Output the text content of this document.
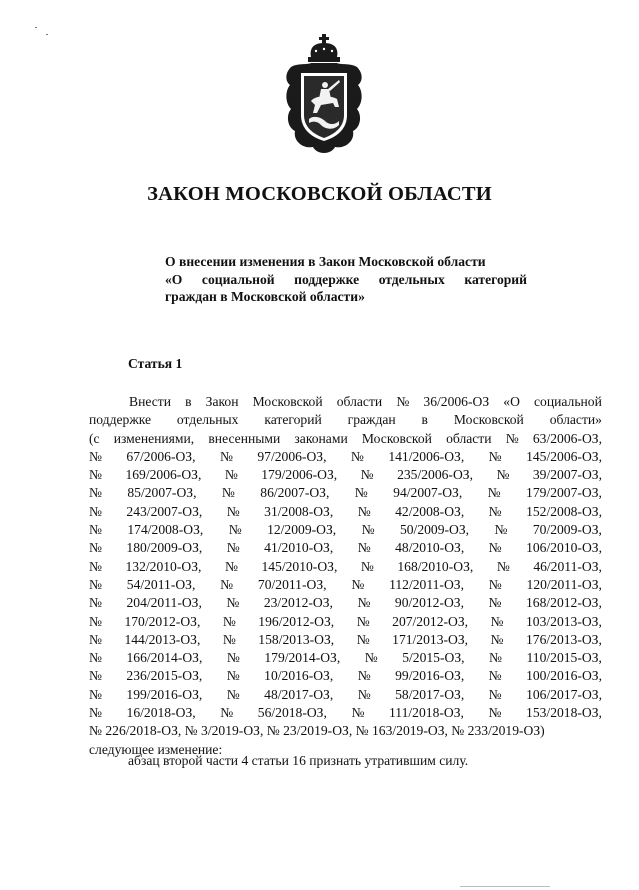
ЗАКОН МОСКОВСКОЙ ОБЛАСТИ
О внесении изменения в Закон Московской области
«О социальной поддержке отдельных категорий
граждан в Московской области»
Статья 1
Внести в Закон Московской области № 36/2006-ОЗ «О социальной
поддержке отдельных категорий граждан в Московской области»
(с изменениями, внесенными законами Московской области № 63/2006-ОЗ,
№ 67/2006-ОЗ, № 97/2006-ОЗ, № 141/2006-ОЗ, № 145/2006-ОЗ,
№ 169/2006-ОЗ, № 179/2006-ОЗ, № 235/2006-ОЗ, № 39/2007-ОЗ,
№ 85/2007-ОЗ, № 86/2007-ОЗ, № 94/2007-ОЗ, № 179/2007-ОЗ,
№ 243/2007-ОЗ, № 31/2008-ОЗ, № 42/2008-ОЗ, № 152/2008-ОЗ,
№ 174/2008-ОЗ, № 12/2009-ОЗ, № 50/2009-ОЗ, № 70/2009-ОЗ,
№ 180/2009-ОЗ, № 41/2010-ОЗ, № 48/2010-ОЗ, № 106/2010-ОЗ,
№ 132/2010-ОЗ, № 145/2010-ОЗ, № 168/2010-ОЗ, № 46/2011-ОЗ,
№ 54/2011-ОЗ, № 70/2011-ОЗ, № 112/2011-ОЗ, № 120/2011-ОЗ,
№ 204/2011-ОЗ, № 23/2012-ОЗ, № 90/2012-ОЗ, № 168/2012-ОЗ,
№ 170/2012-ОЗ, № 196/2012-ОЗ, № 207/2012-ОЗ, № 103/2013-ОЗ,
№ 144/2013-ОЗ, № 158/2013-ОЗ, № 171/2013-ОЗ, № 176/2013-ОЗ,
№ 166/2014-ОЗ, № 179/2014-ОЗ, № 5/2015-ОЗ, № 110/2015-ОЗ,
№ 236/2015-ОЗ, № 10/2016-ОЗ, № 99/2016-ОЗ, № 100/2016-ОЗ,
№ 199/2016-ОЗ, № 48/2017-ОЗ, № 58/2017-ОЗ, № 106/2017-ОЗ,
№ 16/2018-ОЗ, № 56/2018-ОЗ, № 111/2018-ОЗ, № 153/2018-ОЗ,
№ 226/2018-ОЗ, № 3/2019-ОЗ, № 23/2019-ОЗ, № 163/2019-ОЗ, № 233/2019-ОЗ)
следующее изменение:
абзац второй части 4 статьи 16 признать утратившим силу.
